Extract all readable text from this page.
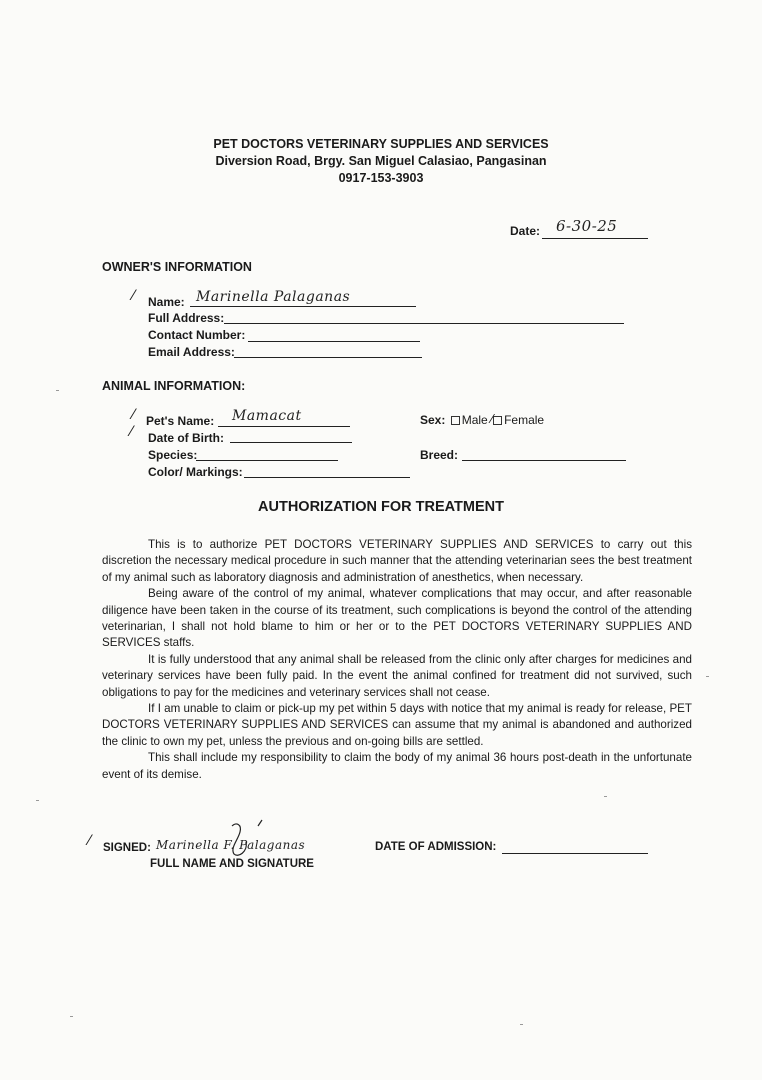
PET DOCTORS VETERINARY SUPPLIES AND SERVICES
Diversion Road, Brgy. San Miguel Calasiao, Pangasinan
0917-153-3903
Date: 6-30-25
OWNER'S INFORMATION
⁄ Name: Marinella Palaganas
Full Address:
Contact Number:
Email Address:
ANIMAL INFORMATION:
⁄ Pet's Name: Mamacat
⁄ Date of Birth:
Species:
Color/ Markings:
Sex: Male ⁄ Female
Breed:
AUTHORIZATION FOR TREATMENT

This is to authorize PET DOCTORS VETERINARY SUPPLIES AND SERVICES to carry out this discretion the necessary medical procedure in such manner that the attending veterinarian sees the best treatment of my animal such as laboratory diagnosis and administration of anesthetics, when necessary.

Being aware of the control of my animal, whatever complications that may occur, and after reasonable diligence have been taken in the course of its treatment, such complications is beyond the control of the attending veterinarian, I shall not hold blame to him or her or to the PET DOCTORS VETERINARY SUPPLIES AND SERVICES staffs.

It is fully understood that any animal shall be released from the clinic only after charges for medicines and veterinary services have been fully paid. In the event the animal confined for treatment did not survived, such obligations to pay for the medicines and veterinary services shall not cease.

If I am unable to claim or pick-up my pet within 5 days with notice that my animal is ready for release, PET DOCTORS VETERINARY SUPPLIES AND SERVICES can assume that my animal is abandoned and authorized the clinic to own my pet, unless the previous and on-going bills are settled.

This shall include my responsibility to claim the body of my animal 36 hours post-death in the unfortunate event of its demise.

⁄ SIGNED: Marinella F. Palaganas
FULL NAME AND SIGNATURE
DATE OF ADMISSION:
